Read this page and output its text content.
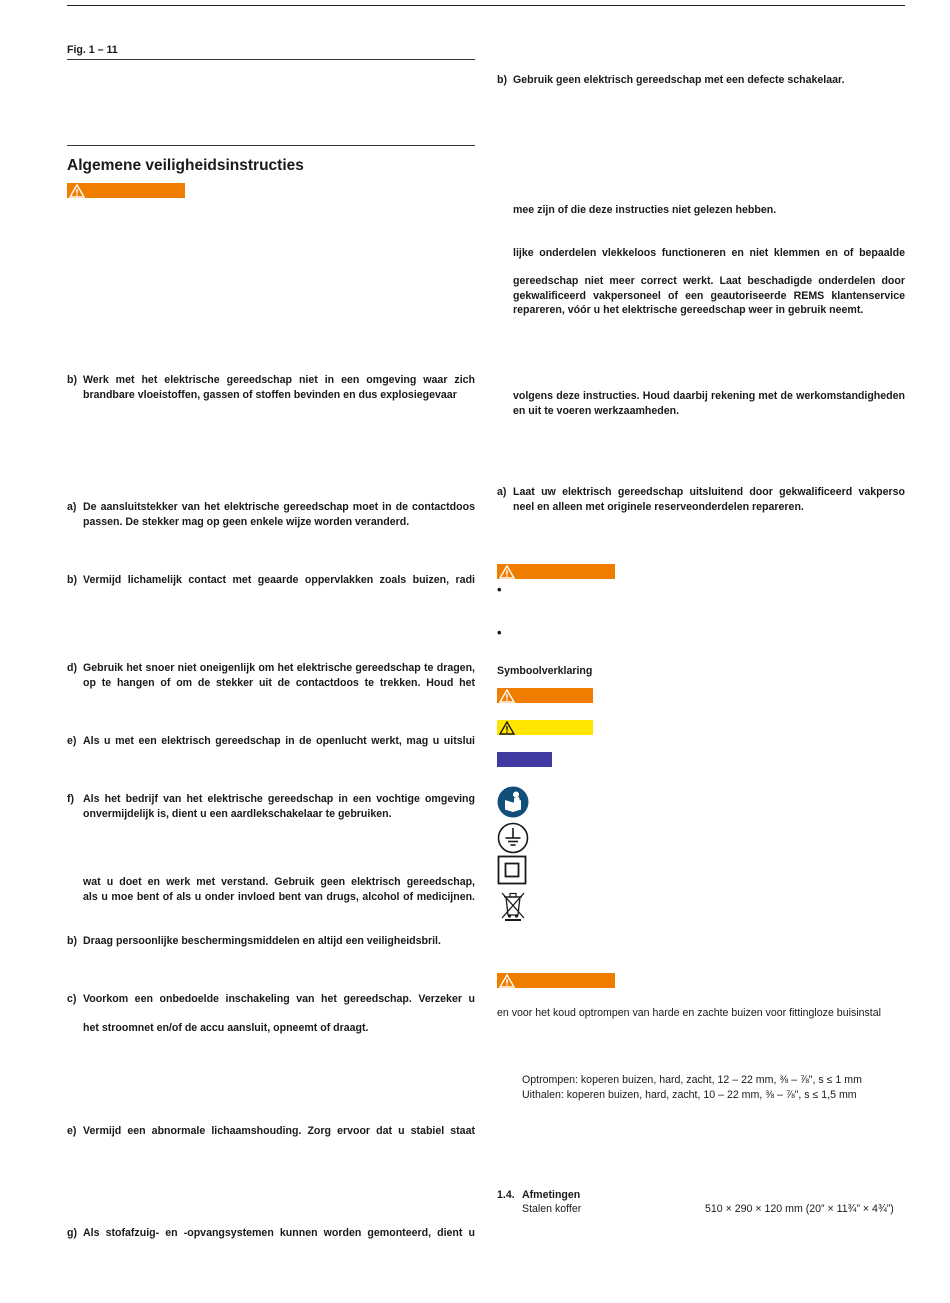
Fig. 1 – 11
Algemene veiligheidsinstructies
b) Werk met het elektrische gereedschap niet in een omgeving waar zich
brandbare vloeistoffen, gassen of stoffen bevinden en dus explosiegevaar
a) De aansluitstekker van het elektrische gereedschap moet in de contactdoos
passen. De stekker mag op geen enkele wijze worden veranderd.
b) Vermijd lichamelijk contact met geaarde oppervlakken zoals buizen, radi
d) Gebruik het snoer niet oneigenlijk om het elektrische gereedschap te dragen,
op te hangen of om de stekker uit de contactdoos te trekken. Houd het
e) Als u met een elektrisch gereedschap in de openlucht werkt, mag u uitslui
f) Als het bedrijf van het elektrische gereedschap in een vochtige omgeving
onvermijdelijk is, dient u een aardlekschakelaar te gebruiken.
wat u doet en werk met verstand. Gebruik geen elektrisch gereedschap,
als u moe bent of als u onder invloed bent van drugs, alcohol of medicijnen.
b) Draag persoonlijke beschermingsmiddelen en altijd een veiligheidsbril.
c) Voorkom een onbedoelde inschakeling van het gereedschap. Verzeker u
het stroomnet en/of de accu aansluit, opneemt of draagt.
e) Vermijd een abnormale lichaamshouding. Zorg ervoor dat u stabiel staat
g) Als stofafzuig- en -opvangsystemen kunnen worden gemonteerd, dient u
b) Gebruik geen elektrisch gereedschap met een defecte schakelaar.
mee zijn of die deze instructies niet gelezen hebben.
lijke onderdelen vlekkeloos functioneren en niet klemmen en of bepaalde
gereedschap niet meer correct werkt. Laat beschadigde onderdelen door
gekwalificeerd vakpersoneel of een geautoriseerde REMS klantenservice
repareren, vóór u het elektrische gereedschap weer in gebruik neemt.
volgens deze instructies. Houd daarbij rekening met de werkomstandigheden
en uit te voeren werkzaamheden.
a) Laat uw elektrisch gereedschap uitsluitend door gekwalificeerd vakperso
neel en alleen met originele reserveonderdelen repareren.
•
•
Symboolverklaring
en voor het koud optrompen van harde en zachte buizen voor fittingloze buisinstal
Optrompen: koperen buizen, hard, zacht, 12 – 22 mm, ⅜ – ⅞", s ≤ 1 mm
Uithalen: koperen buizen, hard, zacht, 10 – 22 mm, ⅜ – ⅞", s ≤ 1,5 mm
1.4. Afmetingen
Stalen koffer	510 × 290 × 120 mm (20” × 11¾” × 4¾”)
